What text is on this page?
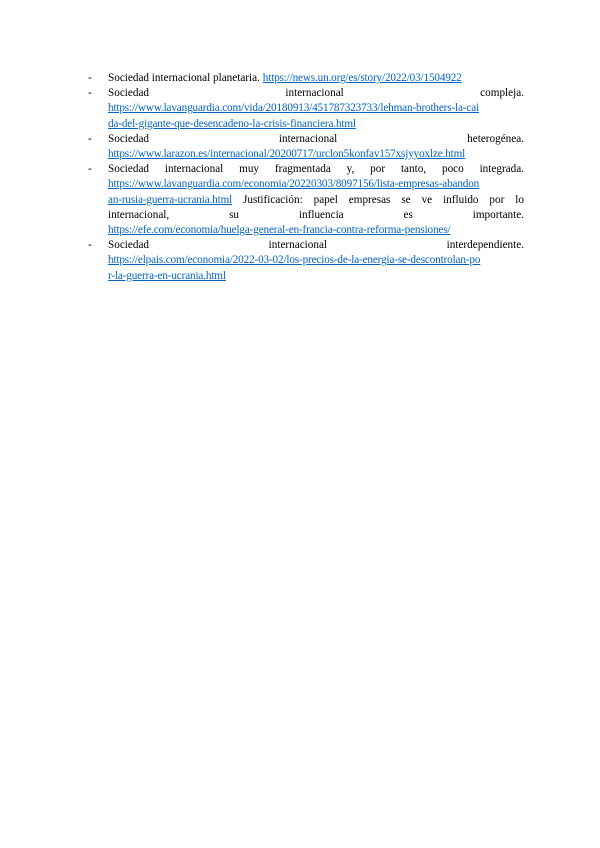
- Sociedad internacional planetaria. https://news.un.org/es/story/2022/03/1504922
- Sociedad internacional compleja.
https://www.lavanguardia.com/vida/20180913/451787323733/lehman-brothers-la-cai
da-del-gigante-que-desencadeno-la-crisis-financiera.html
- Sociedad internacional heterogénea.
https://www.larazon.es/internacional/20200717/urclon5konfav157xsjyyoxlze.html
- Sociedad internacional muy fragmentada y, por tanto, poco integrada.
https://www.lavanguardia.com/economia/20220303/8097156/lista-empresas-abandon
an-rusia-guerra-ucrania.html Justificación: papel empresas se ve influido por lo
internacional, su influencia es importante.
https://efe.com/economia/huelga-general-en-francia-contra-reforma-pensiones/
- Sociedad internacional interdependiente.
https://elpais.com/economia/2022-03-02/los-precios-de-la-energia-se-descontrolan-po
r-la-guerra-en-ucrania.html
